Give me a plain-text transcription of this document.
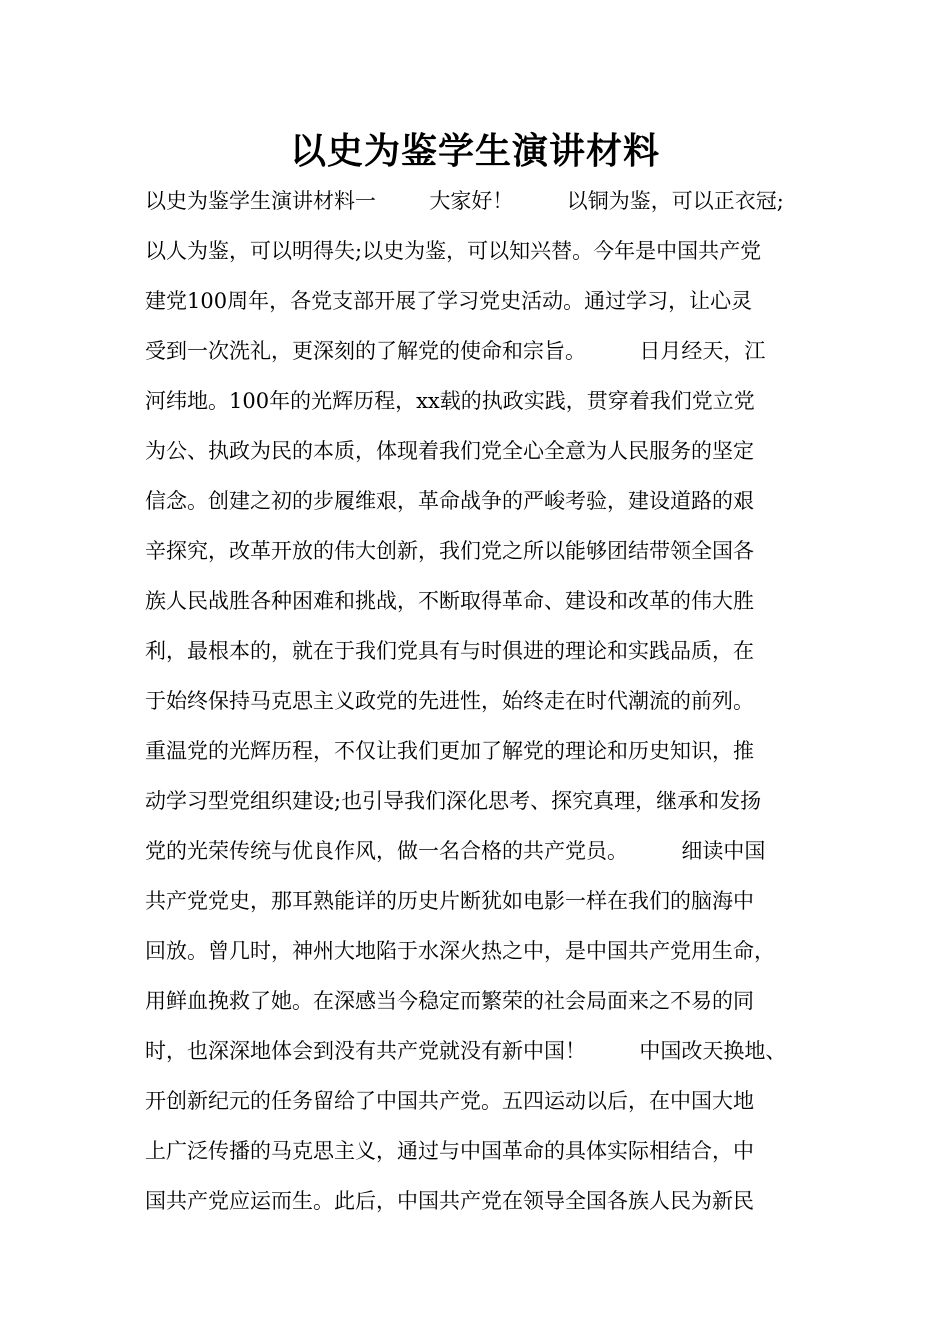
以史为鉴学生演讲材料
以史为鉴学生演讲材料一        大家好！        以铜为鉴，可以正衣冠;
以人为鉴，可以明得失;以史为鉴，可以知兴替。今年是中国共产党
建党100周年，各党支部开展了学习党史活动。通过学习，让心灵
受到一次洗礼，更深刻的了解党的使命和宗旨。        日月经天，江
河纬地。100年的光辉历程，xx载的执政实践，贯穿着我们党立党
为公、执政为民的本质，体现着我们党全心全意为人民服务的坚定
信念。创建之初的步履维艰，革命战争的严峻考验，建设道路的艰
辛探究，改革开放的伟大创新，我们党之所以能够团结带领全国各
族人民战胜各种困难和挑战，不断取得革命、建设和改革的伟大胜
利，最根本的，就在于我们党具有与时俱进的理论和实践品质，在
于始终保持马克思主义政党的先进性，始终走在时代潮流的前列。
重温党的光辉历程，不仅让我们更加了解党的理论和历史知识，推
动学习型党组织建设;也引导我们深化思考、探究真理，继承和发扬
党的光荣传统与优良作风，做一名合格的共产党员。        细读中国
共产党党史，那耳熟能详的历史片断犹如电影一样在我们的脑海中
回放。曾几时，神州大地陷于水深火热之中，是中国共产党用生命，
用鲜血挽救了她。在深感当今稳定而繁荣的社会局面来之不易的同
时，也深深地体会到没有共产党就没有新中国！        中国改天换地、
开创新纪元的任务留给了中国共产党。五四运动以后，在中国大地
上广泛传播的马克思主义，通过与中国革命的具体实际相结合，中
国共产党应运而生。此后，中国共产党在领导全国各族人民为新民
